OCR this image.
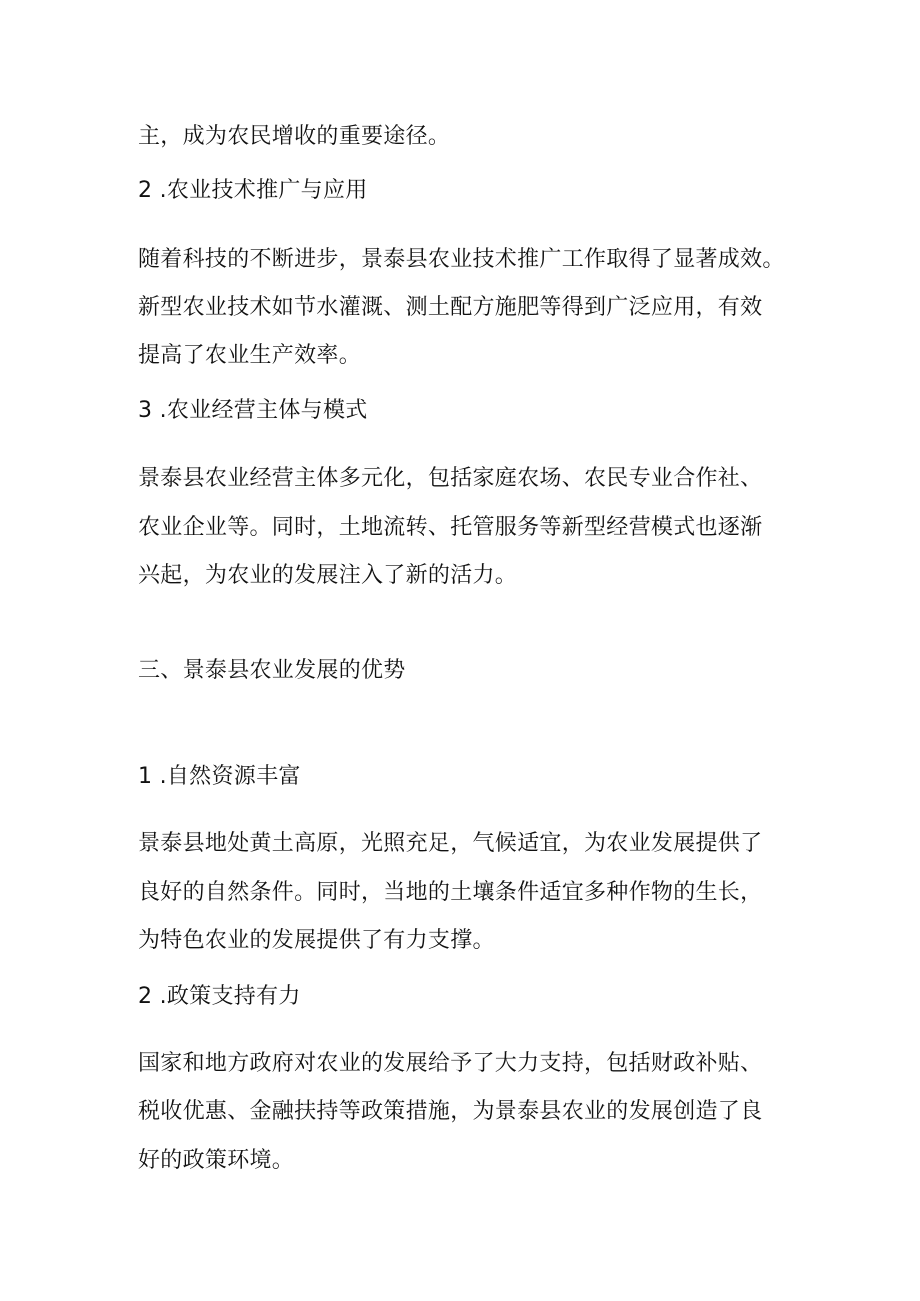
主，成为农民增收的重要途径。

2 .农业技术推广与应用

随着科技的不断进步，景泰县农业技术推广工作取得了显著成效。

新型农业技术如节水灌溉、测土配方施肥等得到广泛应用，有效

提高了农业生产效率。

3 .农业经营主体与模式

景泰县农业经营主体多元化，包括家庭农场、农民专业合作社、

农业企业等。同时，土地流转、托管服务等新型经营模式也逐渐

兴起，为农业的发展注入了新的活力。

三、景泰县农业发展的优势

1 .自然资源丰富

景泰县地处黄土高原，光照充足，气候适宜，为农业发展提供了

良好的自然条件。同时，当地的土壤条件适宜多种作物的生长，

为特色农业的发展提供了有力支撑。

2 .政策支持有力

国家和地方政府对农业的发展给予了大力支持，包括财政补贴、

税收优惠、金融扶持等政策措施，为景泰县农业的发展创造了良

好的政策环境。
